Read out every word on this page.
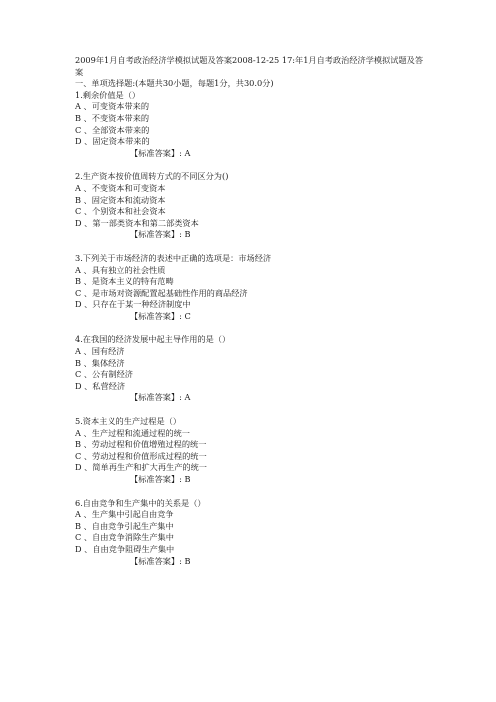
2009年1月自考政治经济学模拟试题及答案2008-12-25 17:年1月自考政治经济学模拟试题及答案
一、单项选择题:(本题共30小题，每题1分，共30.0分)
1.剩余价值是（）
A 、可变资本带来的
B 、不变资本带来的
C 、全部资本带来的
D 、固定资本带来的
【标准答案】: A
2.生产资本按价值周转方式的不同区分为()
A 、不变资本和可变资本
B 、固定资本和流动资本
C 、个别资本和社会资本
D 、第一部类资本和第二部类资本
【标准答案】: B
3.下列关于市场经济的表述中正确的选项是：市场经济
A 、具有独立的社会性质
B 、是资本主义的特有范畴
C 、是市场对资源配置起基础性作用的商品经济
D 、只存在于某一种经济制度中
【标准答案】: C
4.在我国的经济发展中起主导作用的是（）
A 、国有经济
B 、集体经济
C 、公有制经济
D 、私营经济
【标准答案】: A
5.资本主义的生产过程是（）
A 、生产过程和流通过程的统一
B 、劳动过程和价值增殖过程的统一
C 、劳动过程和价值形成过程的统一
D 、简单再生产和扩大再生产的统一
【标准答案】: B
6.自由竞争和生产集中的关系是（）
A 、生产集中引起自由竞争
B 、自由竞争引起生产集中
C 、自由竞争消除生产集中
D 、自由竞争阻碍生产集中
【标准答案】: B
